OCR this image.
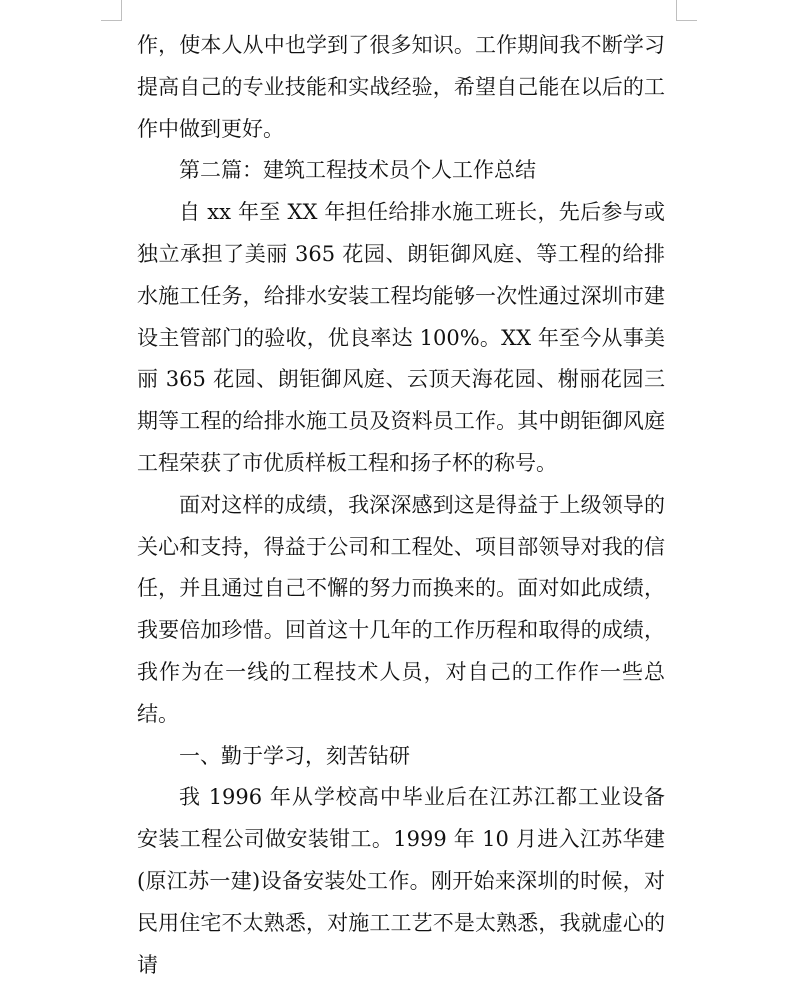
作，使本人从中也学到了很多知识。工作期间我不断学习提高自己的专业技能和实战经验，希望自己能在以后的工作中做到更好。

第二篇：建筑工程技术员个人工作总结

自 xx 年至 XX 年担任给排水施工班长，先后参与或独立承担了美丽 365 花园、朗钜御风庭、等工程的给排水施工任务，给排水安装工程均能够一次性通过深圳市建设主管部门的验收，优良率达 100%。XX 年至今从事美丽 365 花园、朗钜御风庭、云顶天海花园、榭丽花园三期等工程的给排水施工员及资料员工作。其中朗钜御风庭工程荣获了市优质样板工程和扬子杯的称号。

面对这样的成绩，我深深感到这是得益于上级领导的关心和支持，得益于公司和工程处、项目部领导对我的信任，并且通过自己不懈的努力而换来的。面对如此成绩，我要倍加珍惜。回首这十几年的工作历程和取得的成绩，我作为在一线的工程技术人员，对自己的工作作一些总结。

一、勤于学习，刻苦钻研

我 1996 年从学校高中毕业后在江苏江都工业设备安装工程公司做安装钳工。1999 年 10 月进入江苏华建(原江苏一建)设备安装处工作。刚开始来深圳的时候，对民用住宅不太熟悉，对施工工艺不是太熟悉，我就虚心的请
